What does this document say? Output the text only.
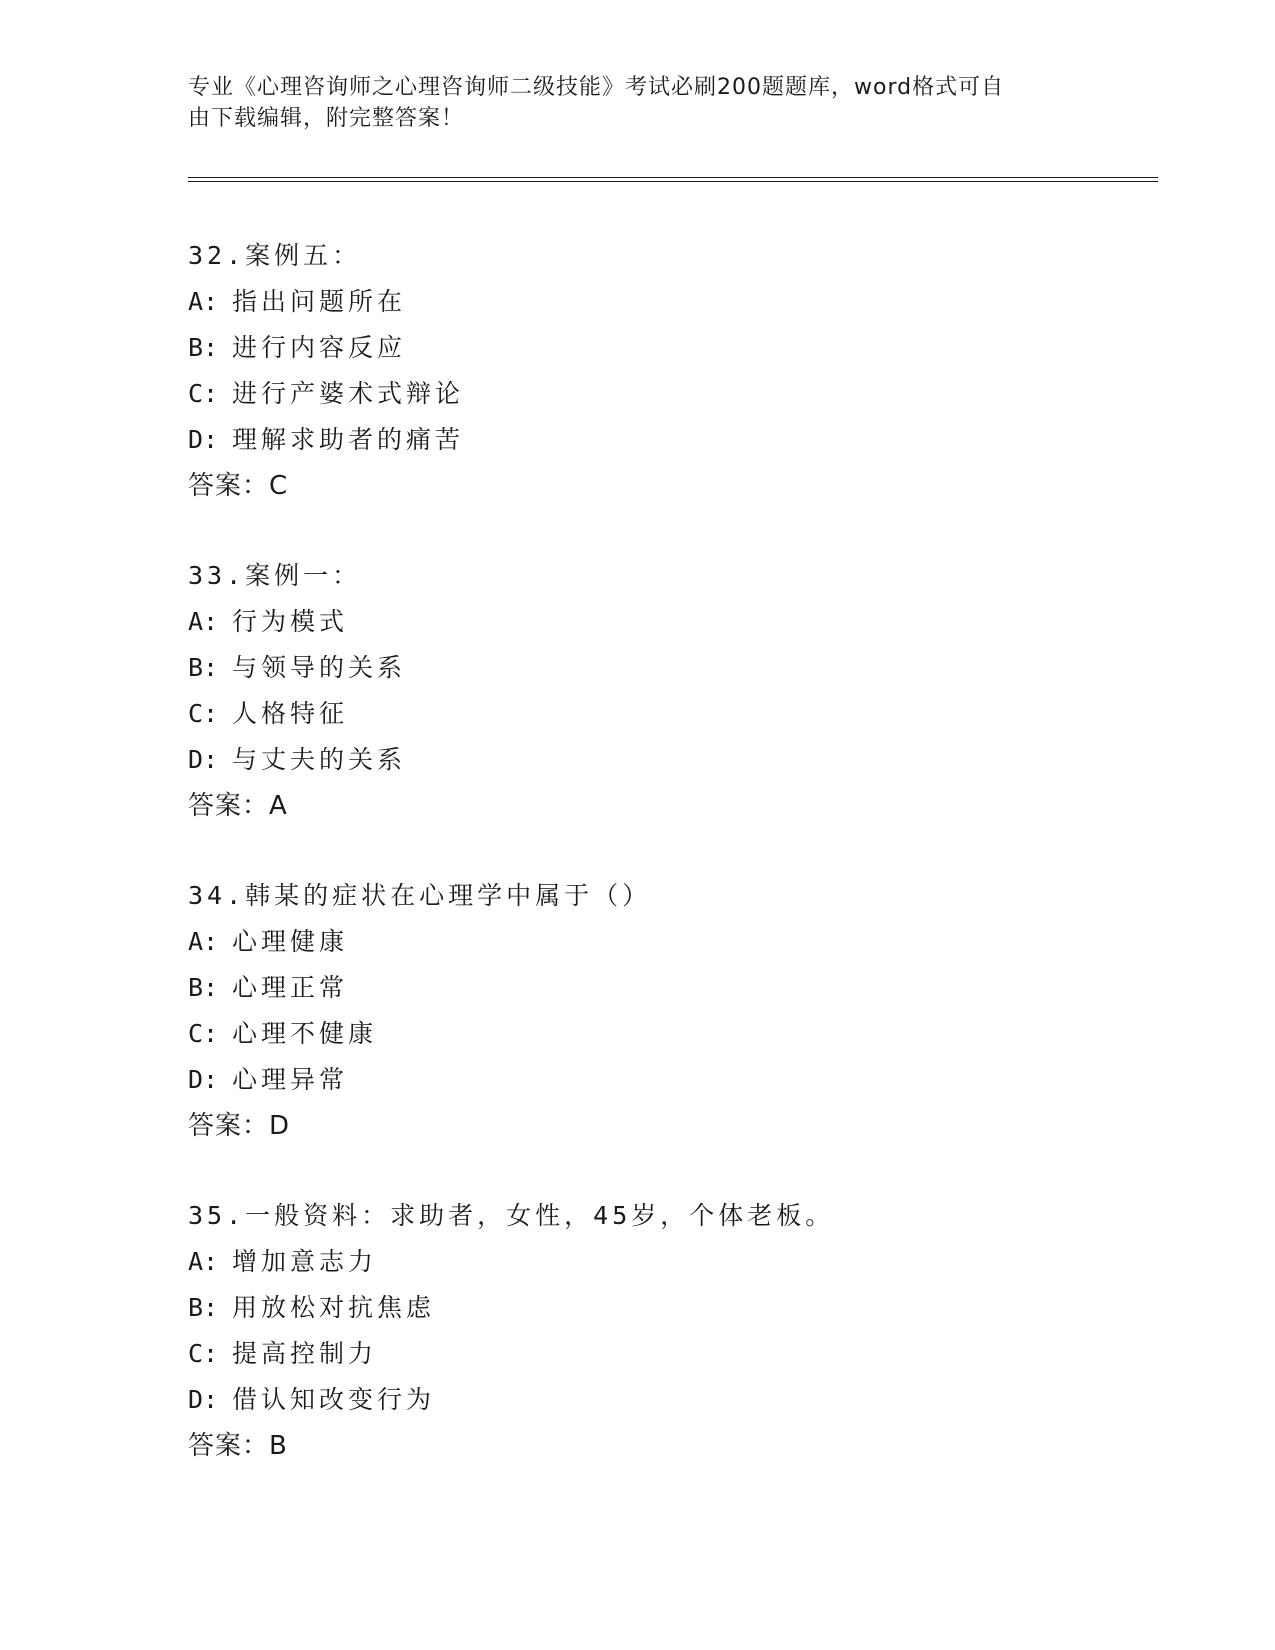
专业《心理咨询师之心理咨询师二级技能》考试必刷200题题库，word格式可自
由下载编辑，附完整答案！
32.案例五：
A: 指出问题所在
B: 进行内容反应
C: 进行产婆术式辩论
D: 理解求助者的痛苦
答案：C
33.案例一：
A: 行为模式
B: 与领导的关系
C: 人格特征
D: 与丈夫的关系
答案：A
34.韩某的症状在心理学中属于（）
A: 心理健康
B: 心理正常
C: 心理不健康
D: 心理异常
答案：D
35.一般资料：求助者，女性，45岁，个体老板。
A: 增加意志力
B: 用放松对抗焦虑
C: 提高控制力
D: 借认知改变行为
答案：B
